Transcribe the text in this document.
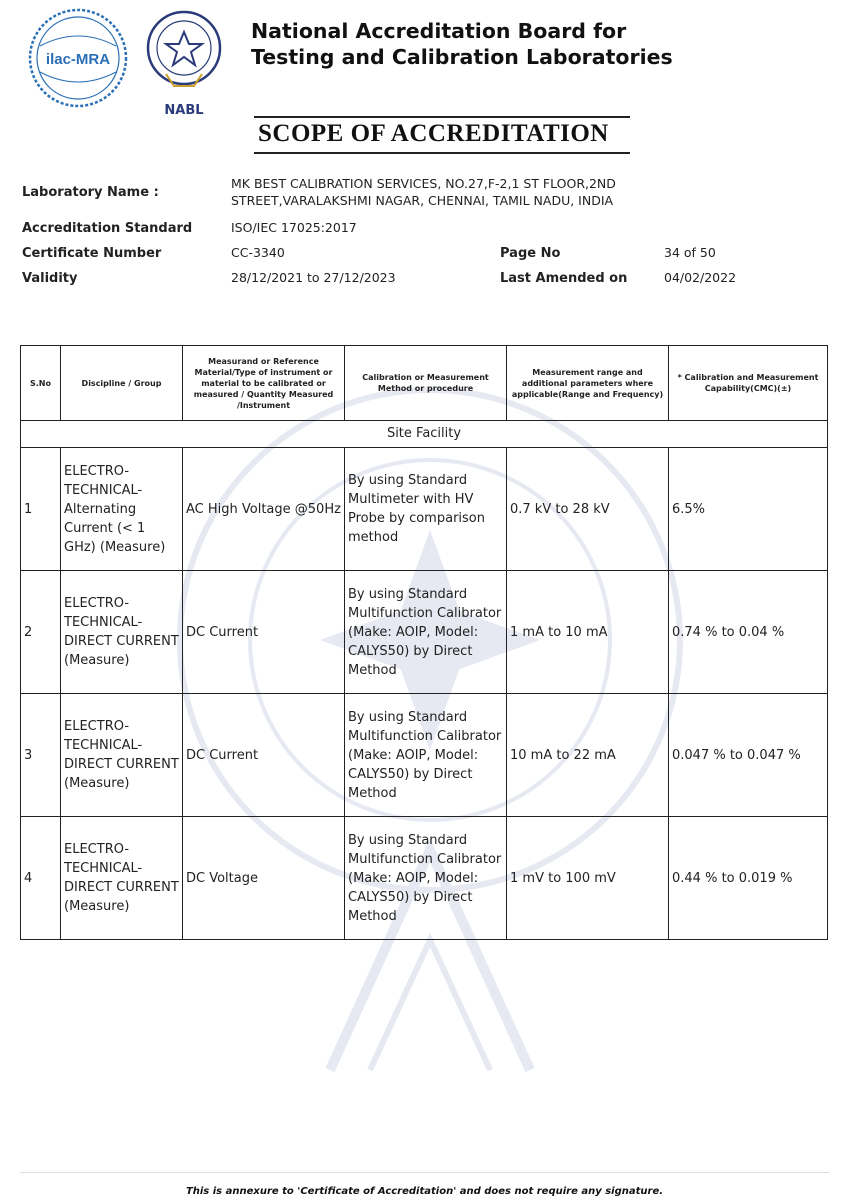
ilac-MRA
NABL
National Accreditation Board for
Testing and Calibration Laboratories
SCOPE OF ACCREDITATION
Laboratory Name :
MK BEST CALIBRATION SERVICES, NO.27,F-2,1 ST FLOOR,2ND
STREET,VARALAKSHMI NAGAR, CHENNAI, TAMIL NADU, INDIA
Accreditation Standard	ISO/IEC 17025:2017
Certificate Number	CC-3340	Page No	34 of 50
Validity	28/12/2021 to 27/12/2023	Last Amended on	04/02/2022
S.No	Discipline / Group	Measurand or Reference Material/Type of instrument or material to be calibrated or measured / Quantity Measured /Instrument	Calibration or Measurement Method or procedure	Measurement range and additional parameters where applicable(Range and Frequency)	* Calibration and Measurement Capability(CMC)(±)
Site Facility					
1	ELECTRO-TECHNICAL-Alternating Current (< 1 GHz) (Measure)	AC High Voltage @50Hz	By using Standard Multimeter with HV Probe by comparison method	0.7 kV to 28 kV	6.5%
2	ELECTRO-TECHNICAL-DIRECT CURRENT (Measure)	DC Current	By using Standard Multifunction Calibrator (Make: AOIP, Model: CALYS50) by Direct Method	1 mA to 10 mA	0.74 % to 0.04 %
3	ELECTRO-TECHNICAL-DIRECT CURRENT (Measure)	DC Current	By using Standard Multifunction Calibrator (Make: AOIP, Model: CALYS50) by Direct Method	10 mA to 22 mA	0.047 % to 0.047 %
4	ELECTRO-TECHNICAL-DIRECT CURRENT (Measure)	DC Voltage	By using Standard Multifunction Calibrator (Make: AOIP, Model: CALYS50) by Direct Method	1 mV to 100 mV	0.44 % to 0.019 %
This is annexure to 'Certificate of Accreditation' and does not require any signature.
